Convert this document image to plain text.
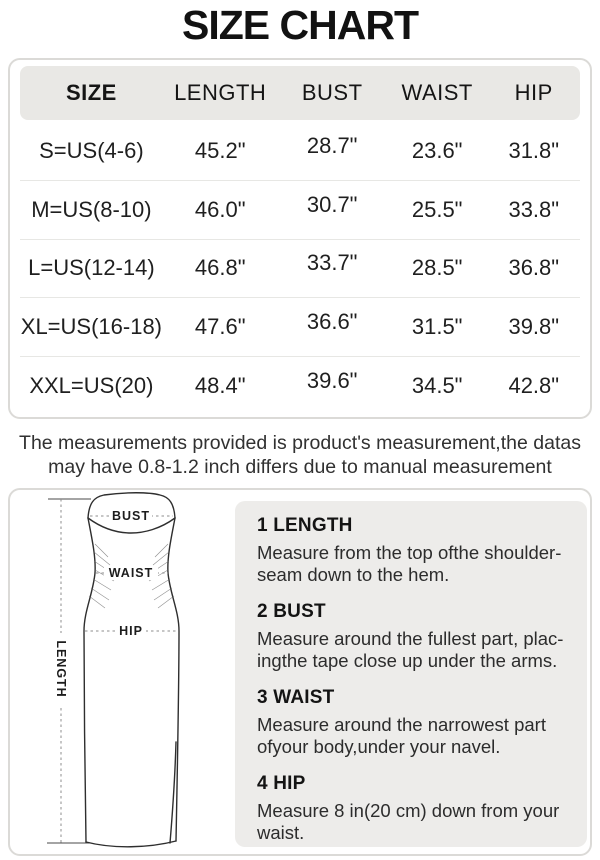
SIZE CHART
SIZE	LENGTH	BUST	WAIST	HIP
S=US(4-6)	45.2"	28.7"	23.6"	31.8"
M=US(8-10)	46.0"	30.7"	25.5"	33.8"
L=US(12-14)	46.8"	33.7"	28.5"	36.8"
XL=US(16-18)	47.6"	36.6"	31.5"	39.8"
XXL=US(20)	48.4"	39.6"	34.5"	42.8"
The measurements provided is product's measurement,the datas
may have 0.8-1.2 inch differs due to manual measurement
BUST
WAIST
HIP
LENGTH

1 LENGTH

Measure from the top ofthe shoulder-
seam down to the hem.

2 BUST

Measure around the fullest part, plac-
ingthe tape close up under the arms.

3 WAIST

Measure around the narrowest part
ofyour body,under your navel.

4 HIP

Measure 8 in(20 cm) down from your
waist.
